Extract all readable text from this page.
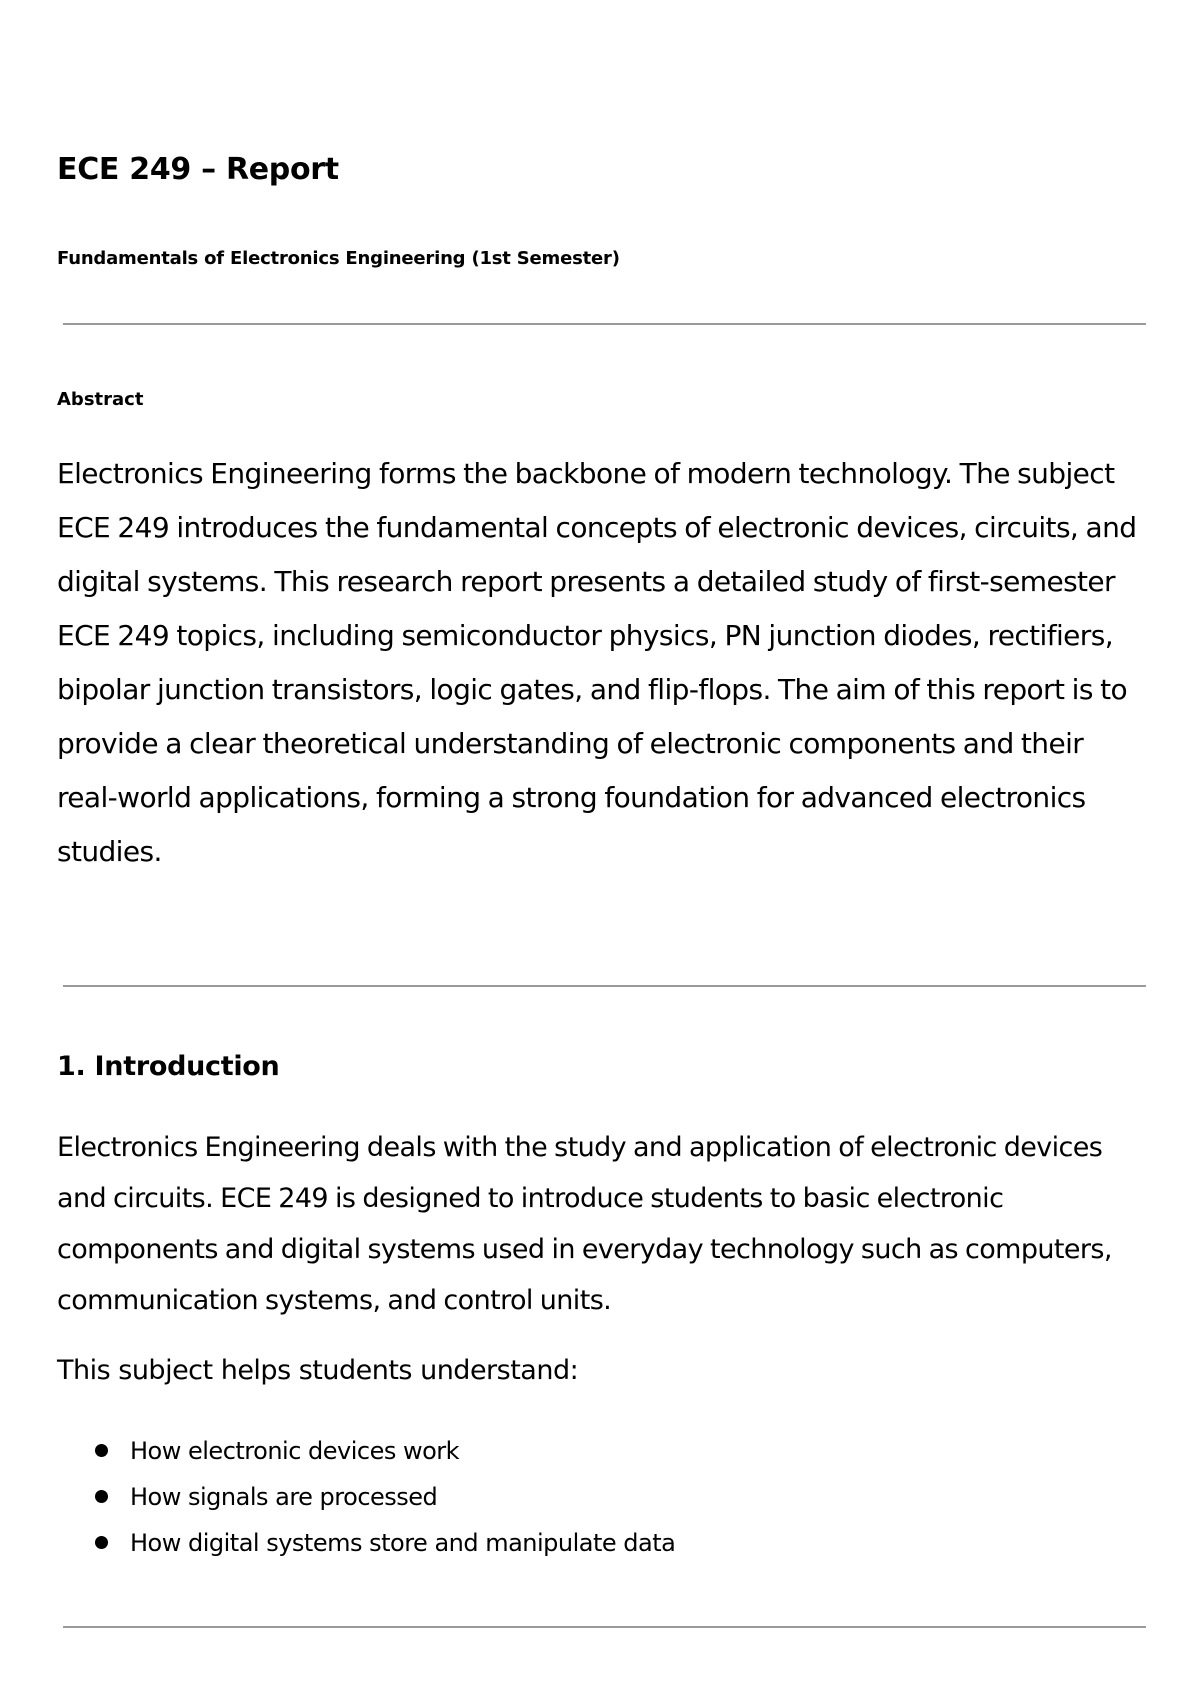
ECE 249 – Report

Fundamentals of Electronics Engineering (1st Semester)

Abstract

Electronics Engineering forms the backbone of modern technology. The subject ECE 249 introduces the fundamental concepts of electronic devices, circuits, and digital systems. This research report presents a detailed study of first-semester ECE 249 topics, including semiconductor physics, PN junction diodes, rectifiers, bipolar junction transistors, logic gates, and flip-flops. The aim of this report is to provide a clear theoretical understanding of electronic components and their real-world applications, forming a strong foundation for advanced electronics studies.

1. Introduction

Electronics Engineering deals with the study and application of electronic devices and circuits. ECE 249 is designed to introduce students to basic electronic components and digital systems used in everyday technology such as computers, communication systems, and control units.

This subject helps students understand:

How electronic devices work
How signals are processed
How digital systems store and manipulate data
